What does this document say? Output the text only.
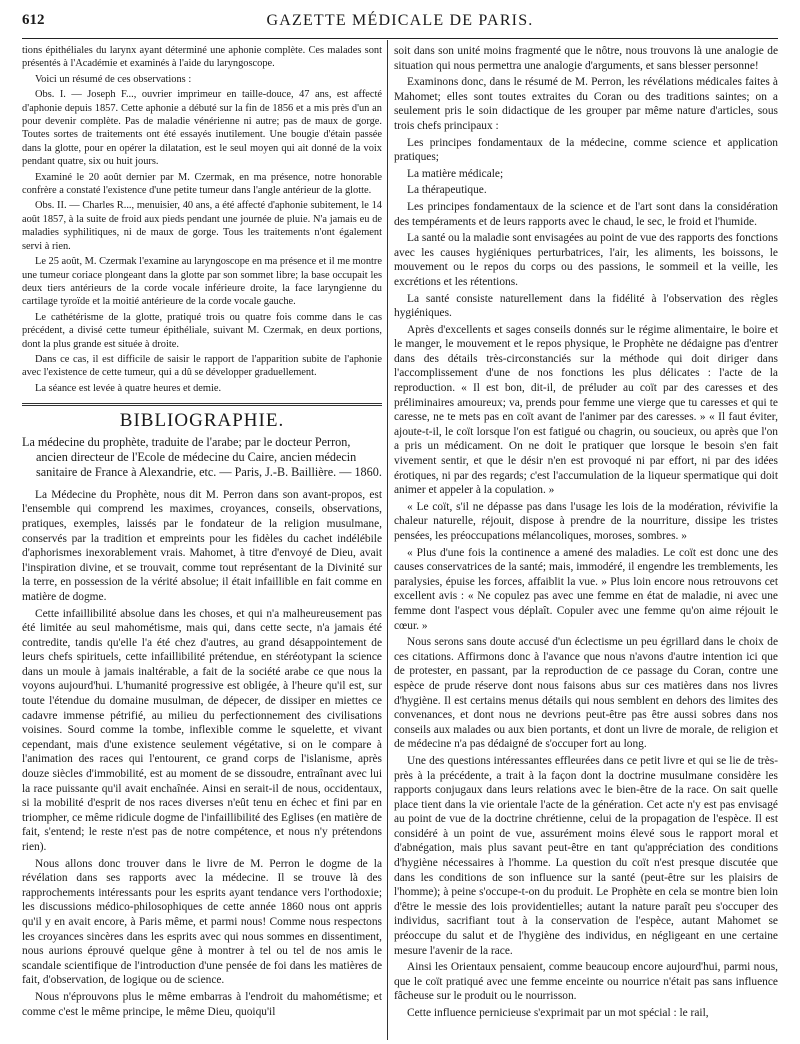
612	GAZETTE MÉDICALE DE PARIS.

tions épithéliales du larynx ayant déterminé une aphonie complète. Ces malades sont présentés à l'Académie et examinés à l'aide du laryngoscope.

Voici un résumé de ces observations :

Obs. I. — Joseph F..., ouvrier imprimeur en taille-douce, 47 ans, est affecté d'aphonie depuis 1857. Cette aphonie a débuté sur la fin de 1856 et a mis près d'un an pour devenir complète. Pas de maladie vénérienne ni autre; pas de maux de gorge. Toutes sortes de traitements ont été essayés inutilement. Une bougie d'étain passée dans la glotte, pour en opérer la dilatation, est le seul moyen qui ait donné de la voix pendant quatre, six ou huit jours.

Examiné le 20 août dernier par M. Czermak, en ma présence, notre honorable confrère a constaté l'existence d'une petite tumeur dans l'angle antérieur de la glotte.

Obs. II. — Charles R..., menuisier, 40 ans, a été affecté d'aphonie subitement, le 14 août 1857, à la suite de froid aux pieds pendant une journée de pluie. N'a jamais eu de maladies syphilitiques, ni de maux de gorge. Tous les traitements n'ont également servi à rien.

Le 25 août, M. Czermak l'examine au laryngoscope en ma présence et il me montre une tumeur coriace plongeant dans la glotte par son sommet libre; la base occupait les deux tiers antérieurs de la corde vocale inférieure droite, la face laryngienne du cartilage tyroïde et la moitié antérieure de la corde vocale gauche.

Le cathétérisme de la glotte, pratiqué trois ou quatre fois comme dans le cas précédent, a divisé cette tumeur épithéliale, suivant M. Czermak, en deux portions, dont la plus grande est située à droite.

Dans ce cas, il est difficile de saisir le rapport de l'apparition subite de l'aphonie avec l'existence de cette tumeur, qui a dû se développer graduellement.

La séance est levée à quatre heures et demie.

BIBLIOGRAPHIE.
La médecine du prophète, traduite de l'arabe; par le docteur Perron, ancien directeur de l'Ecole de médecine du Caire, ancien médecin sanitaire de France à Alexandrie, etc. — Paris, J.-B. Baillière. — 1860.

La Médecine du Prophète, nous dit M. Perron dans son avant-propos, est l'ensemble qui comprend les maximes, croyances, conseils, observations, pratiques, exemples, laissés par le fondateur de la religion musulmane, conservés par la tradition et empreints pour les fidèles du cachet indélébile d'aphorismes inexorablement vrais. Mahomet, à titre d'envoyé de Dieu, avait l'inspiration divine, et se trouvait, comme tout représentant de la Divinité sur la terre, en possession de la vérité absolue; il était infaillible en fait comme en matière de dogme.

Cette infaillibilité absolue dans les choses, et qui n'a malheureusement pas été limitée au seul mahométisme, mais qui, dans cette secte, n'a jamais été contredite, tandis qu'elle l'a été chez d'autres, au grand désappointement de leurs chefs spirituels, cette infaillibilité prétendue, en stéréotypant la science dans un moule à jamais inaltérable, a fait de la société arabe ce que nous la voyons aujourd'hui. L'humanité progressive est obligée, à l'heure qu'il est, sur toute l'étendue du domaine musulman, de dépecer, de dissiper en miettes ce cadavre immense pétrifié, au milieu du perfectionnement des civilisations voisines. Sourd comme la tombe, inflexible comme le squelette, et vivant cependant, mais d'une existence seulement végétative, si on le compare à l'animation des races qui l'entourent, ce grand corps de l'islanisme, après douze siècles d'immobilité, est au moment de se dissoudre, entraînant avec lui la race puissante qu'il avait enchaînée. Ainsi en serait-il de nous, occidentaux, si la mobilité d'esprit de nos races diverses n'eût tenu en échec et fini par en triompher, ce même ridicule dogme de l'infaillibilité des Eglises (en matière de fait, s'entend; le reste n'est pas de notre compétence, et nous n'y prétendons rien).

Nous allons donc trouver dans le livre de M. Perron le dogme de la révélation dans ses rapports avec la médecine. Il se trouve là des rapprochements intéressants pour les esprits ayant tendance vers l'orthodoxie; les discussions médico-philosophiques de cette année 1860 nous ont appris qu'il y en avait encore, à Paris même, et parmi nous! Comme nous respectons les croyances sincères dans les esprits avec qui nous sommes en dissentiment, nous aurions éprouvé quelque gêne à montrer à tel ou tel de nos amis le scandale scientifique de l'introduction d'une pensée de foi dans les matières de fait, d'observation, de logique ou de science.

Nous n'éprouvons plus le même embarras à l'endroit du mahométisme; et comme c'est le même principe, le même Dieu, quoiqu'il

soit dans son unité moins fragmenté que le nôtre, nous trouvons là une analogie de situation qui nous permettra une analogie d'arguments, et sans blesser personne!

Examinons donc, dans le résumé de M. Perron, les révélations médicales faites à Mahomet; elles sont toutes extraites du Coran ou des traditions saintes; on a seulement pris le soin didactique de les grouper par même nature d'articles, sous trois chefs principaux :

Les principes fondamentaux de la médecine, comme science et application pratiques;

La matière médicale;

La thérapeutique.

Les principes fondamentaux de la science et de l'art sont dans la considération des tempéraments et de leurs rapports avec le chaud, le sec, le froid et l'humide.

La santé ou la maladie sont envisagées au point de vue des rapports des fonctions avec les causes hygiéniques perturbatrices, l'air, les aliments, les boissons, le mouvement ou le repos du corps ou des passions, le sommeil et la veille, les excrétions et les rétentions.

La santé consiste naturellement dans la fidélité à l'observation des règles hygiéniques.

Après d'excellents et sages conseils donnés sur le régime alimentaire, le boire et le manger, le mouvement et le repos physique, le Prophète ne dédaigne pas d'entrer dans des détails très-circonstanciés sur la méthode qui doit diriger dans l'accomplissement d'une de nos fonctions les plus délicates : l'acte de la reproduction. « Il est bon, dit-il, de préluder au coït par des caresses et des préliminaires amoureux; va, prends pour femme une vierge que tu caresses et qui te caresse, ne te mets pas en coït avant de l'animer par des caresses. » « Il faut éviter, ajoute-t-il, le coït lorsque l'on est fatigué ou chagrin, ou soucieux, ou après que l'on a pris un médicament. On ne doit le pratiquer que lorsque le besoin s'en fait vivement sentir, et que le désir n'en est provoqué ni par effort, ni par des idées érotiques, ni par des regards; c'est l'accumulation de la liqueur spermatique qui doit animer et appeler à la copulation. »

« Le coït, s'il ne dépasse pas dans l'usage les lois de la modération, révivifie la chaleur naturelle, réjouit, dispose à prendre de la nourriture, dissipe les tristes pensées, les préoccupations mélancoliques, moroses, sombres. »

« Plus d'une fois la continence a amené des maladies. Le coït est donc une des causes conservatrices de la santé; mais, immodéré, il engendre les tremblements, les paralysies, épuise les forces, affaiblit la vue. » Plus loin encore nous retrouvons cet excellent avis : « Ne copulez pas avec une femme en état de maladie, ni avec une femme dont l'aspect vous déplaît. Copuler avec une femme qu'on aime réjouit le cœur. »

Nous serons sans doute accusé d'un éclectisme un peu égrillard dans le choix de ces citations. Affirmons donc à l'avance que nous n'avons d'autre intention ici que de protester, en passant, par la reproduction de ce passage du Coran, contre une espèce de prude réserve dont nous faisons abus sur ces matières dans nos livres d'hygiène. Il est certains menus détails qui nous semblent en dehors des limites des convenances, et dont nous ne devrions peut-être pas être aussi sobres dans nos conseils aux malades ou aux bien portants, et dont un livre de morale, de religion et de médecine n'a pas dédaigné de s'occuper fort au long.

Une des questions intéressantes effleurées dans ce petit livre et qui se lie de très-près à la précédente, a trait à la façon dont la doctrine musulmane considère les rapports conjugaux dans leurs relations avec le bien-être de la race. On sait quelle place tient dans la vie orientale l'acte de la génération. Cet acte n'y est pas envisagé au point de vue de la doctrine chrétienne, celui de la propagation de l'espèce. Il est considéré à un point de vue, assurément moins élevé sous le rapport moral et d'abnégation, mais plus savant peut-être en tant qu'appréciation des conditions d'hygiène nécessaires à l'homme. La question du coït n'est presque discutée que dans les conditions de son influence sur la santé (peut-être sur les plaisirs de l'homme); à peine s'occupe-t-on du produit. Le Prophète en cela se montre bien loin d'être le messie des lois providentielles; autant la nature paraît peu s'occuper des individus, sacrifiant tout à la conservation de l'espèce, autant Mahomet se préoccupe du salut et de l'hygiène des individus, en négligeant en une certaine mesure l'avenir de la race.

Ainsi les Orientaux pensaient, comme beaucoup encore aujourd'hui, parmi nous, que le coït pratiqué avec une femme enceinte ou nourrice n'était pas sans influence fâcheuse sur le produit ou le nourrisson.

Cette influence pernicieuse s'exprimait par un mot spécial : le rail,
